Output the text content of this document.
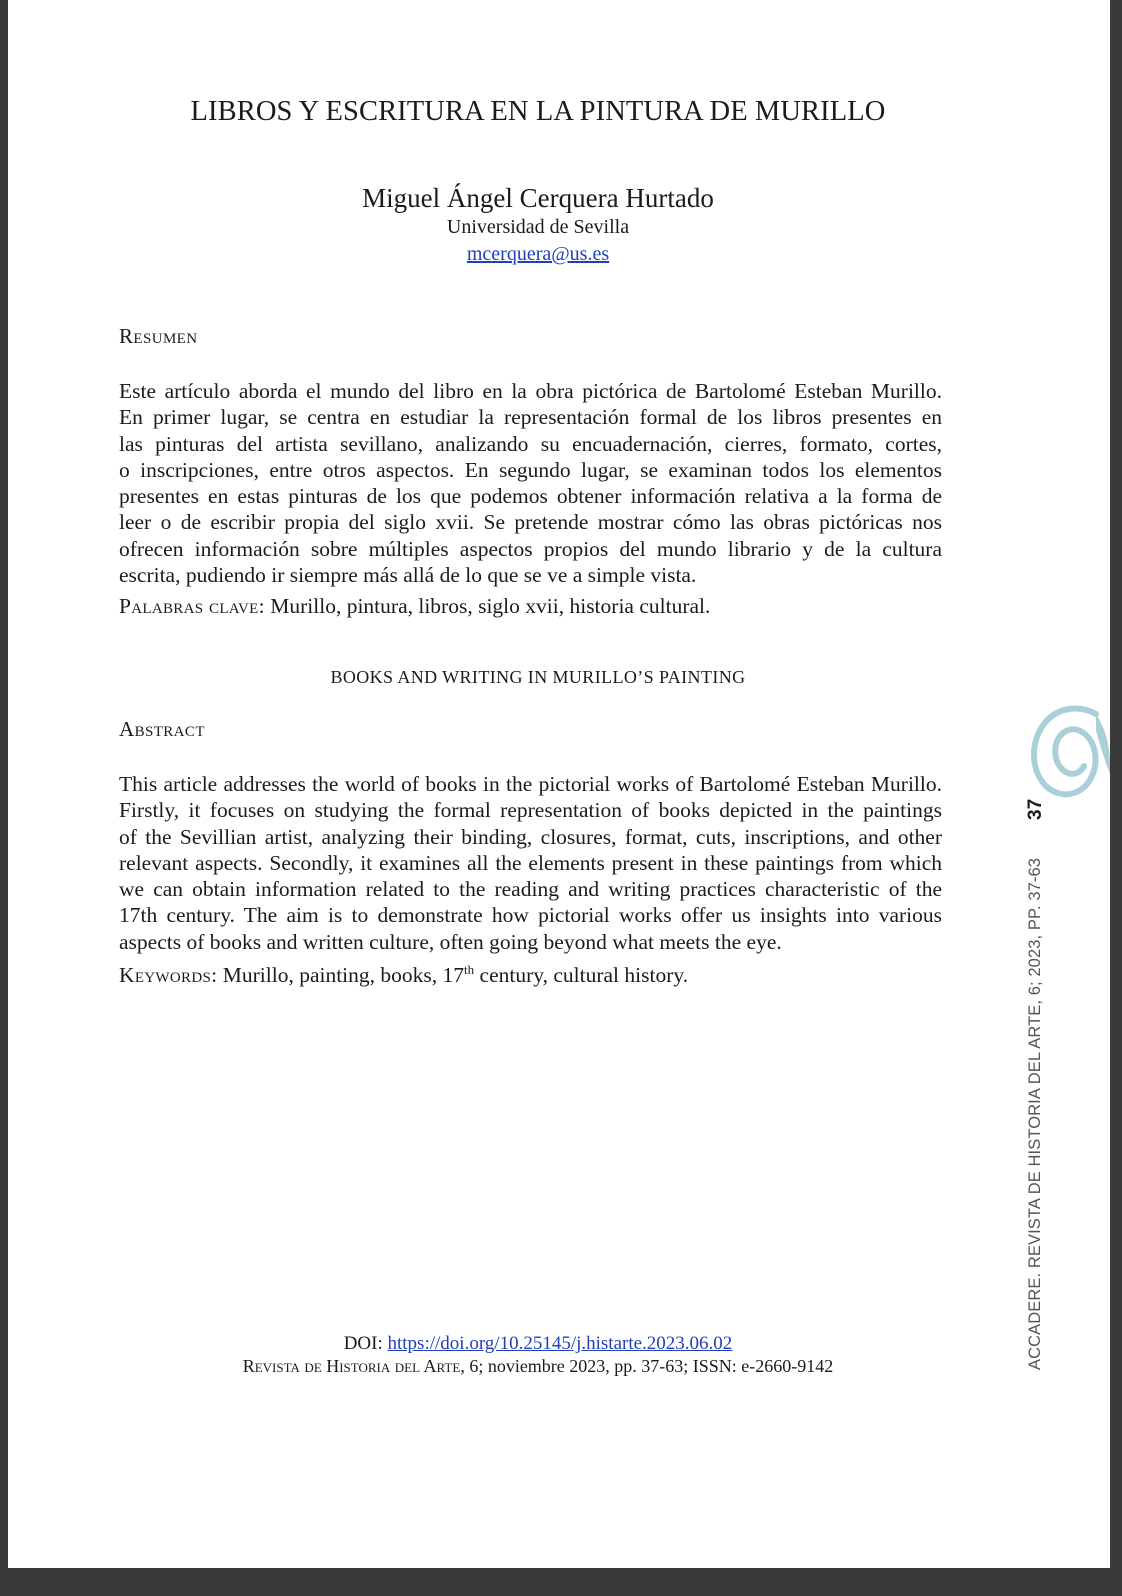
LIBROS Y ESCRITURA EN LA PINTURA DE MURILLO
Miguel Ángel Cerquera Hurtado
Universidad de Sevilla
mcerquera@us.es
Resumen
Este artículo aborda el mundo del libro en la obra pictórica de Bartolomé Esteban Murillo.
En primer lugar, se centra en estudiar la representación formal de los libros presentes en
las pinturas del artista sevillano, analizando su encuadernación, cierres, formato, cortes,
o inscripciones, entre otros aspectos. En segundo lugar, se examinan todos los elementos
presentes en estas pinturas de los que podemos obtener información relativa a la forma de
leer o de escribir propia del siglo xvii. Se pretende mostrar cómo las obras pictóricas nos
ofrecen información sobre múltiples aspectos propios del mundo librario y de la cultura
escrita, pudiendo ir siempre más allá de lo que se ve a simple vista.
Palabras clave: Murillo, pintura, libros, siglo xvii, historia cultural.
BOOKS AND WRITING IN MURILLO’S PAINTING
Abstract
This article addresses the world of books in the pictorial works of Bartolomé Esteban Murillo.
Firstly, it focuses on studying the formal representation of books depicted in the paintings
of the Sevillian artist, analyzing their binding, closures, format, cuts, inscriptions, and other
relevant aspects. Secondly, it examines all the elements present in these paintings from which
we can obtain information related to the reading and writing practices characteristic of the
17th century. The aim is to demonstrate how pictorial works offer us insights into various
aspects of books and written culture, often going beyond what meets the eye.
Keywords: Murillo, painting, books, 17th century, cultural history.
DOI: https://doi.org/10.25145/j.histarte.2023.06.02
Revista de Historia del Arte, 6; noviembre 2023, pp. 37-63; ISSN: e-2660-9142
37
ACCADERE. REVISTA DE HISTORIA DEL ARTE, 6; 2023, PP. 37-63
